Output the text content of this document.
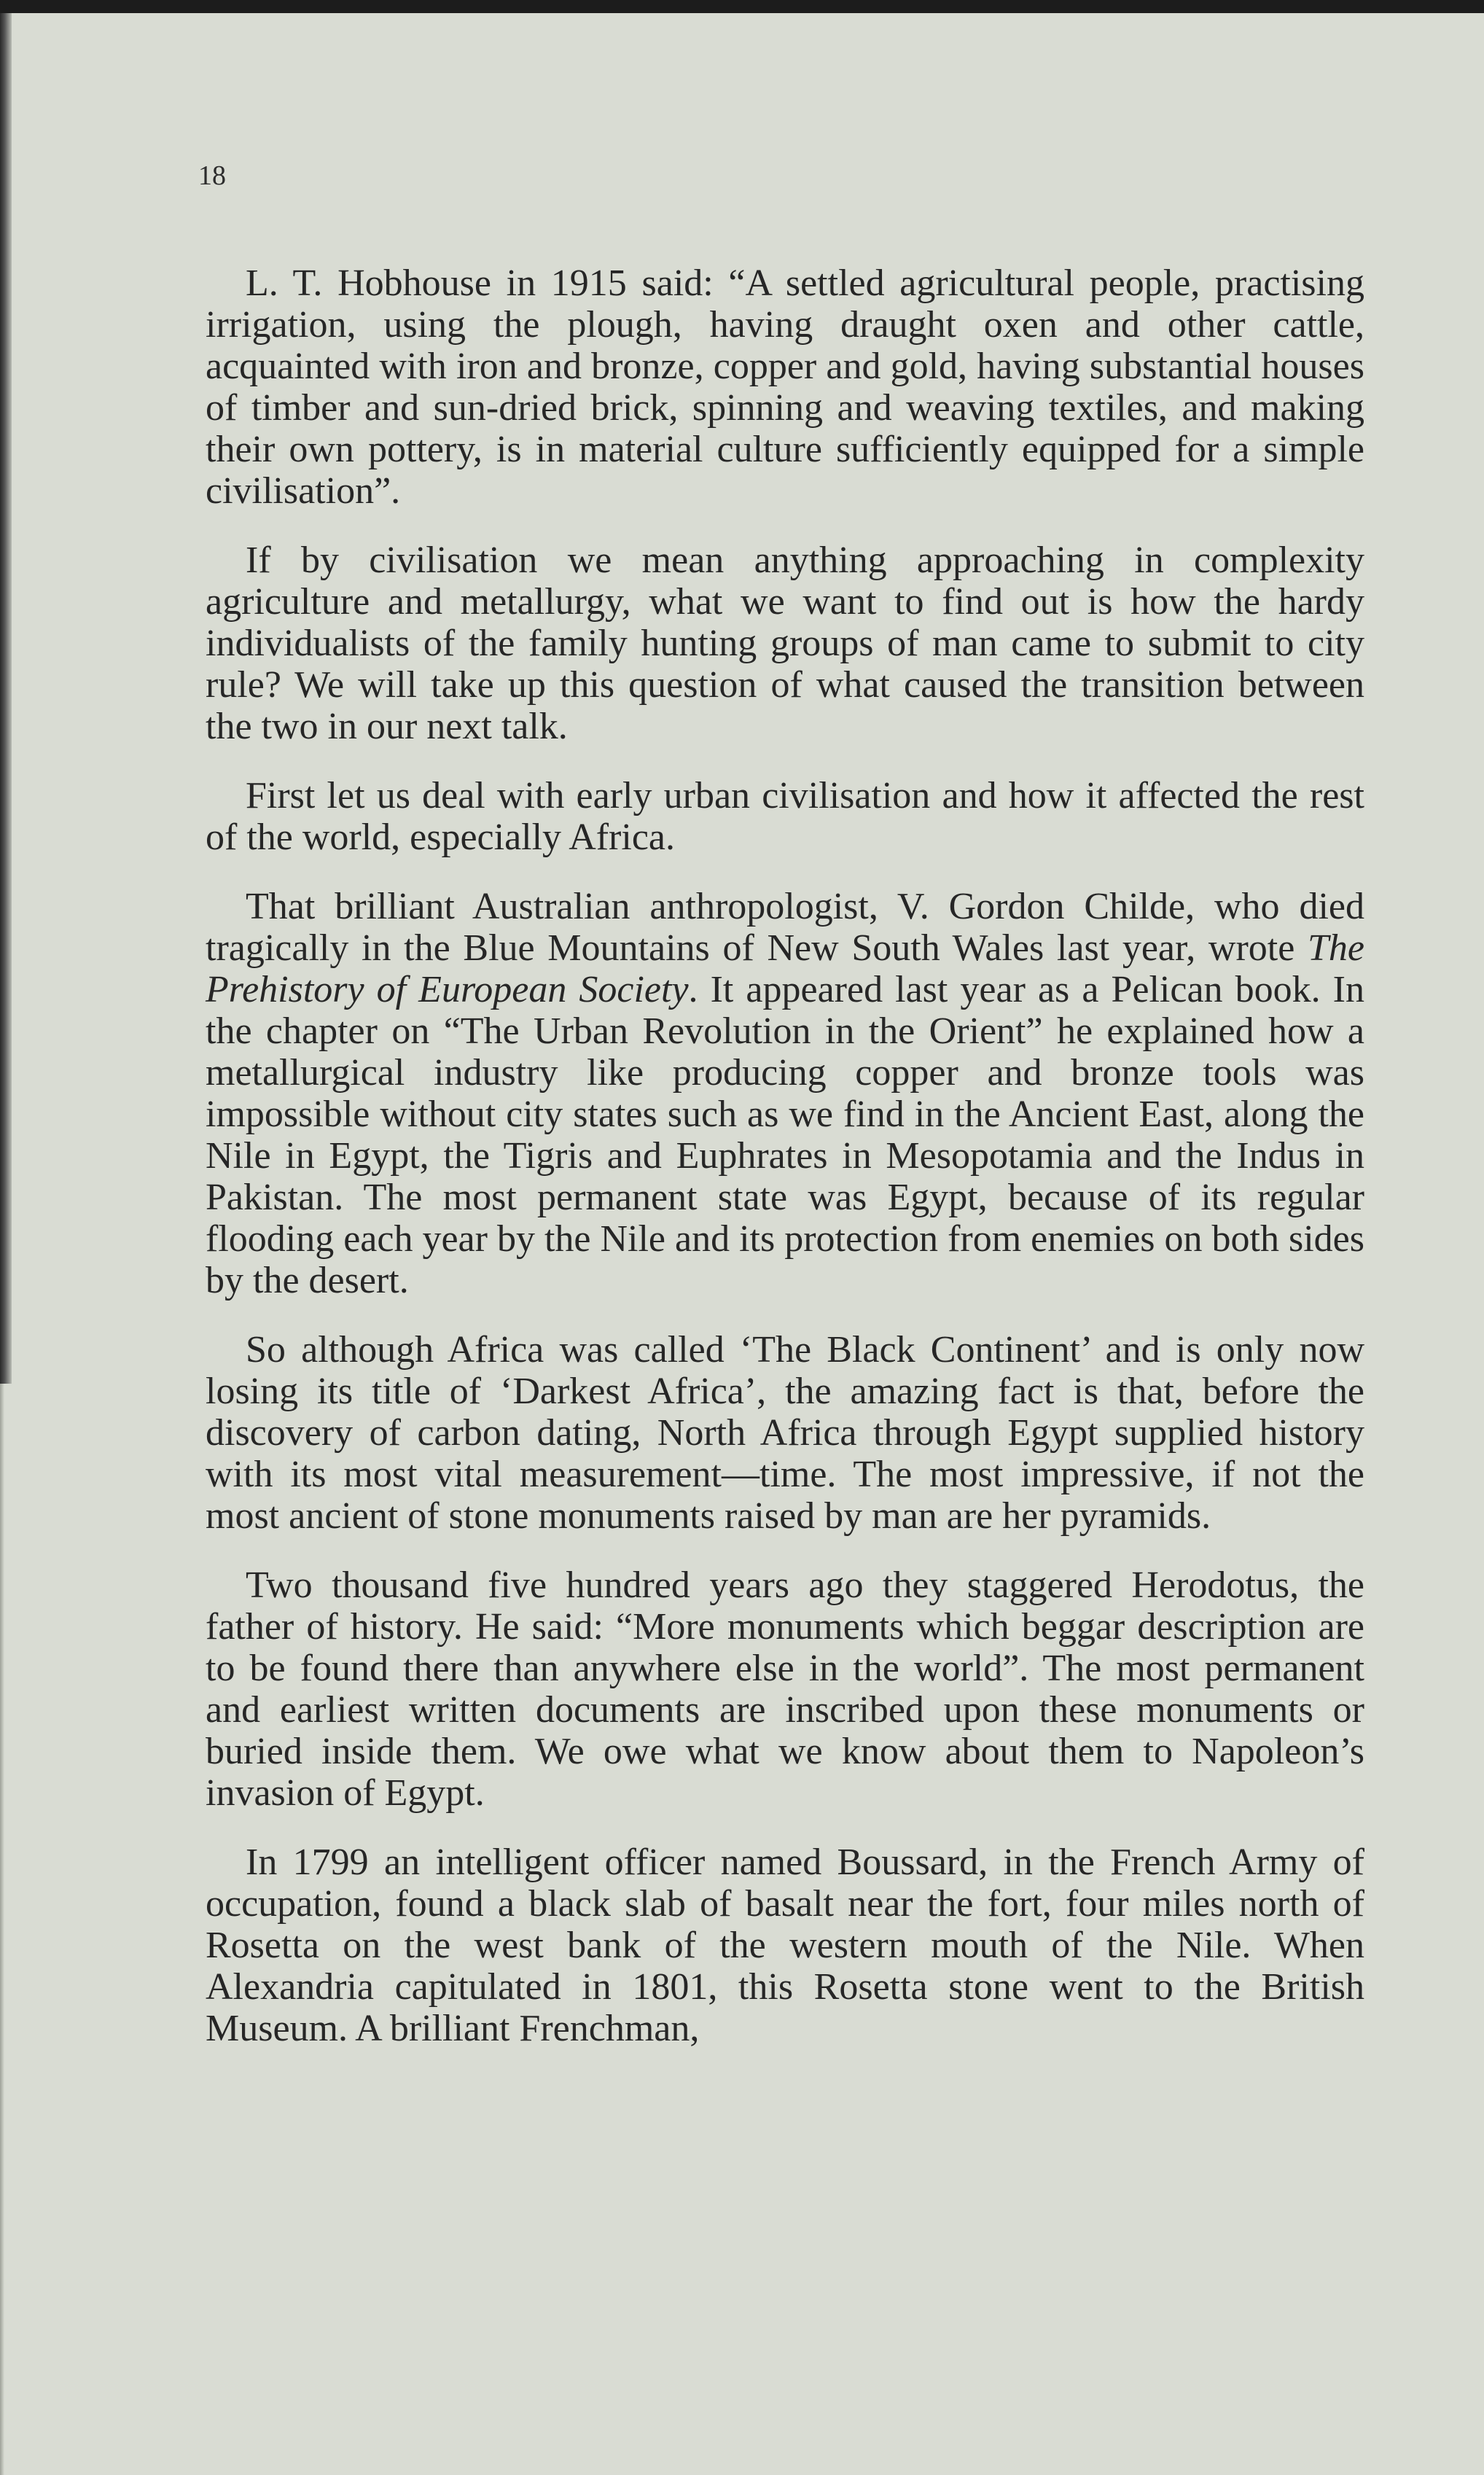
18

L. T. Hobhouse in 1915 said: “A settled agricultural people, practising irrigation, using the plough, having draught oxen and other cattle, acquainted with iron and bronze, copper and gold, having substantial houses of timber and sun-dried brick, spinning and weaving textiles, and making their own pottery, is in material culture sufficiently equipped for a simple civilisation”.

If by civilisation we mean anything approaching in complexity agriculture and metallurgy, what we want to find out is how the hardy individualists of the family hunting groups of man came to submit to city rule? We will take up this question of what caused the transition between the two in our next talk.

First let us deal with early urban civilisation and how it affected the rest of the world, especially Africa.

That brilliant Australian anthropologist, V. Gordon Childe, who died tragically in the Blue Mountains of New South Wales last year, wrote The Prehistory of European Society. It appeared last year as a Pelican book. In the chapter on “The Urban Revolution in the Orient” he explained how a metallurgical industry like producing copper and bronze tools was impossible without city states such as we find in the Ancient East, along the Nile in Egypt, the Tigris and Euphrates in Mesopotamia and the Indus in Pakistan. The most permanent state was Egypt, because of its regular flooding each year by the Nile and its protection from enemies on both sides by the desert.

So although Africa was called ‘The Black Continent’ and is only now losing its title of ‘Darkest Africa’, the amazing fact is that, before the discovery of carbon dating, North Africa through Egypt supplied history with its most vital measurement—time. The most impressive, if not the most ancient of stone monuments raised by man are her pyramids.

Two thousand five hundred years ago they staggered Herodotus, the father of history. He said: “More monuments which beggar description are to be found there than anywhere else in the world”. The most permanent and earliest written documents are inscribed upon these monuments or buried inside them. We owe what we know about them to Napoleon’s invasion of Egypt.

In 1799 an intelligent officer named Boussard, in the French Army of occupation, found a black slab of basalt near the fort, four miles north of Rosetta on the west bank of the western mouth of the Nile. When Alexandria capitulated in 1801, this Rosetta stone went to the British Museum. A brilliant Frenchman,
